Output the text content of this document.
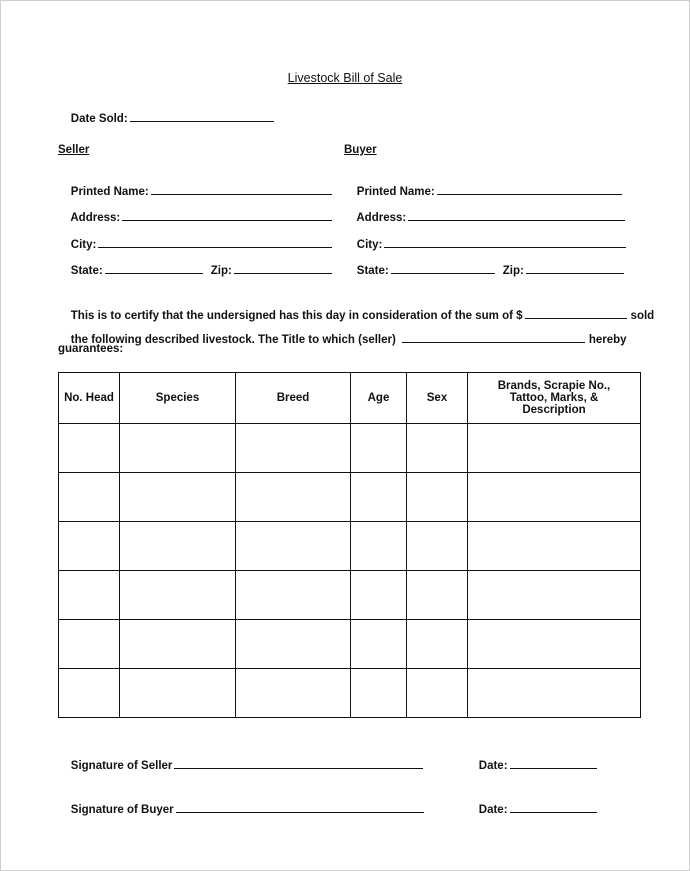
Livestock Bill of Sale

Date Sold:

Seller

Printed Name:

Address:

City:

State:	Zip:

Buyer

Printed Name:

Address:

City:

State:	Zip:

This is to certify that the undersigned has this day in consideration of the sum of $	sold

the following described livestock. The Title to which (seller)	hereby

guarantees:
No. Head	Species	Breed	Age	Sex	Brands, Scrapie No., Tattoo, Marks, & Description

Signature of Seller
	Date:

Signature of Buyer
	Date:
